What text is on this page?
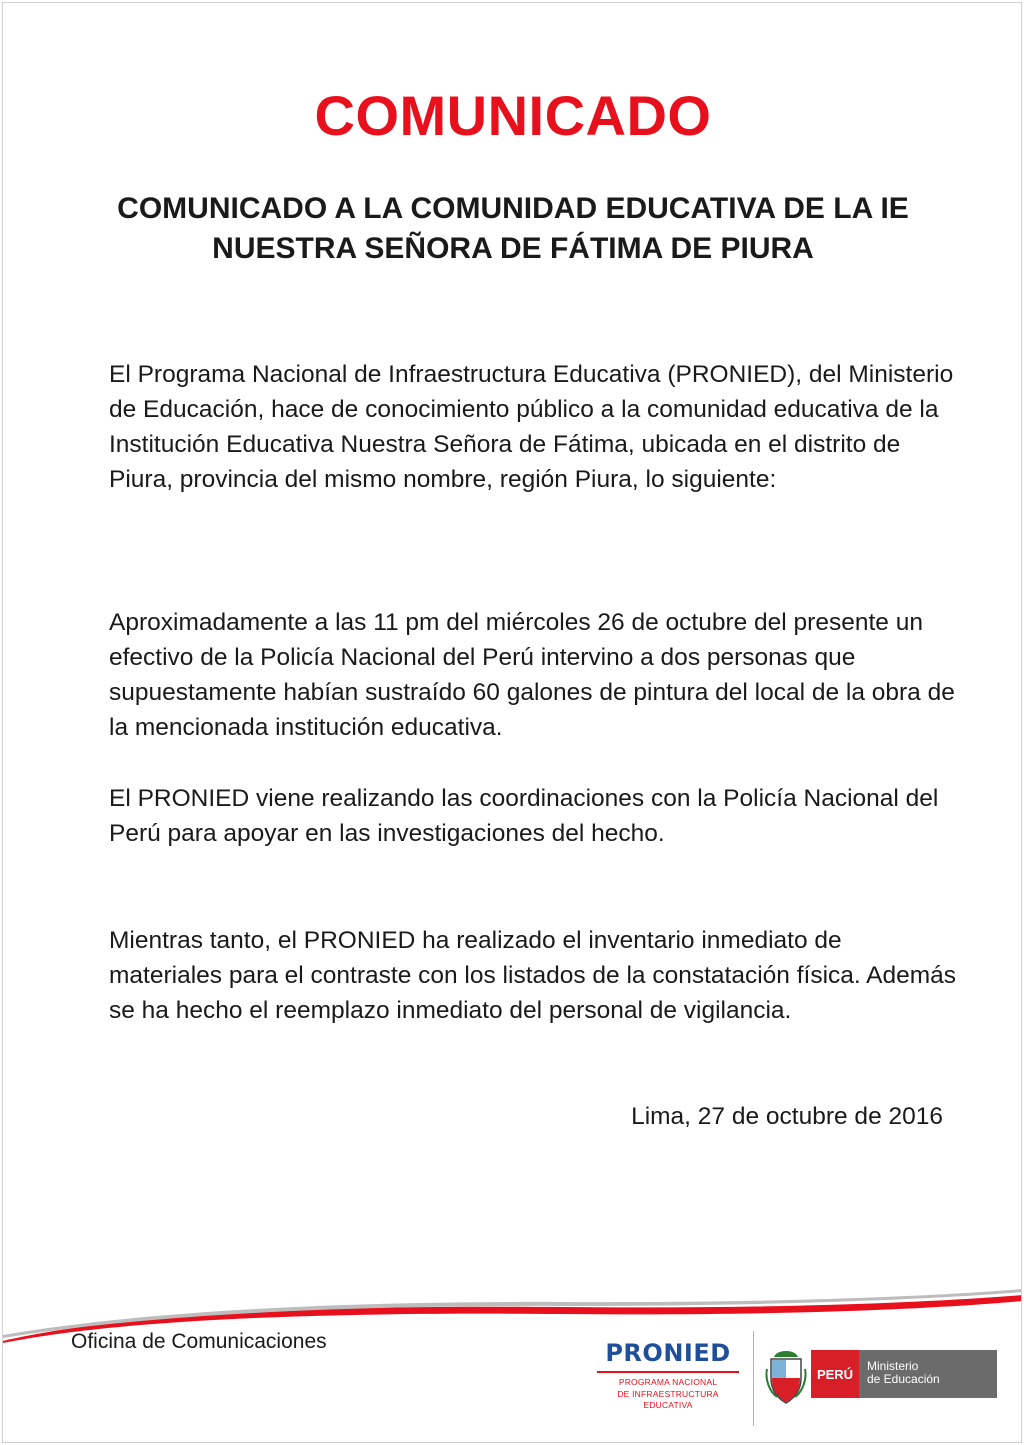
COMUNICADO
COMUNICADO A LA COMUNIDAD EDUCATIVA DE LA IE
NUESTRA SEÑORA DE FÁTIMA DE PIURA
El Programa Nacional de Infraestructura Educativa (PRONIED), del Ministerio de Educación, hace de conocimiento público a la comunidad educativa de la Institución Educativa Nuestra Señora de Fátima, ubicada en el distrito de Piura, provincia del mismo nombre, región Piura, lo siguiente:
Aproximadamente a las 11 pm del miércoles 26 de octubre del presente un efectivo de la Policía Nacional del Perú intervino a dos personas que supuestamente habían sustraído 60 galones de pintura del local de la obra de la mencionada institución educativa.
El PRONIED viene realizando las coordinaciones con la Policía Nacional del Perú para apoyar en las investigaciones del hecho.
Mientras tanto, el PRONIED ha realizado el inventario inmediato de materiales para el contraste con los listados de la constatación física. Además se ha hecho el reemplazo inmediato del personal de vigilancia.
Lima, 27 de octubre de 2016
Oficina de Comunicaciones	PRONIED
PROGRAMA NACIONAL
DE INFRAESTRUCTURA EDUCATIVA
PERÚ
Ministerio
de Educación
